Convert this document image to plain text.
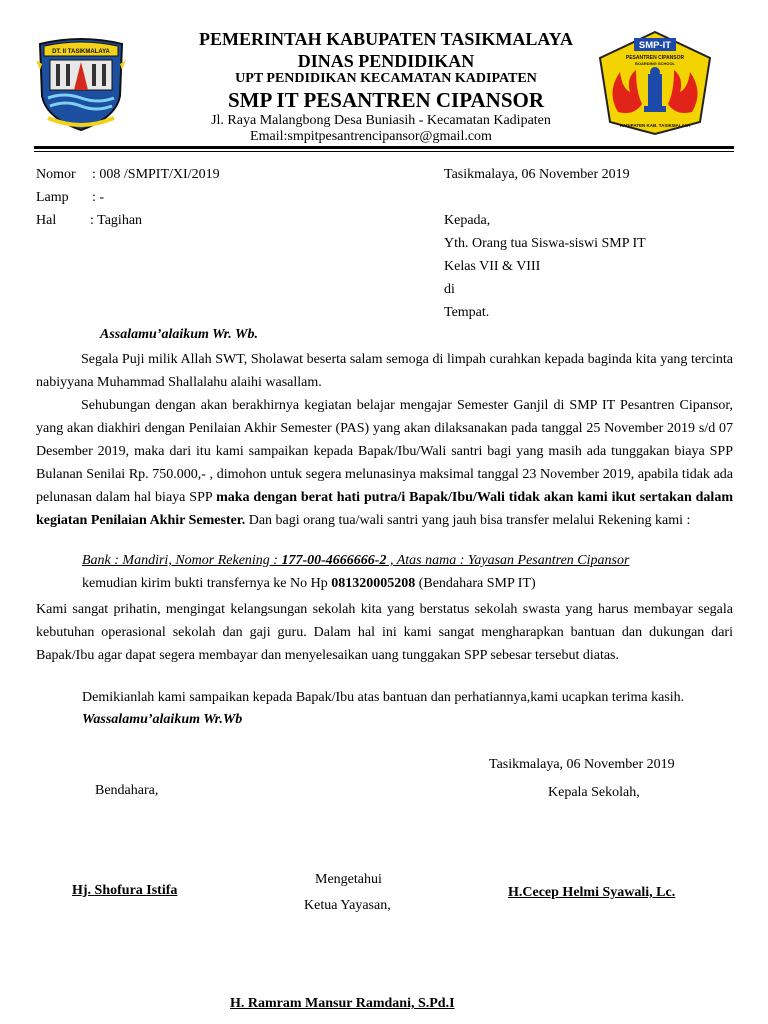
DT. II TASIKMALAYA
SMP-IT
PESANTREN CIPANSOR
BOARDING SCHOOL
KADIPATEN KAB. TASIKMALAYA
PEMERINTAH KABUPATEN TASIKMALAYA
DINAS PENDIDIKAN
UPT PENDIDIKAN KECAMATAN KADIPATEN
SMP IT PESANTREN CIPANSOR
Jl. Raya Malangbong Desa Buniasih - Kecamatan Kadipaten
Email:smpitpesantrencipansor@gmail.com
Nomor : 008 /SMPIT/XI/2019
Lamp : -
Hal : Tagihan
Tasikmalaya, 06 November 2019
Kepada,
Yth. Orang tua Siswa-siswi SMP IT
Kelas VII & VIII
di
Tempat.
Assalamu’alaikum Wr. Wb.
Segala Puji milik Allah SWT, Sholawat beserta salam semoga di limpah curahkan kepada baginda kita yang tercinta nabiyyana Muhammad Shallalahu alaihi wasallam.
Sehubungan dengan akan berakhirnya kegiatan belajar mengajar Semester Ganjil di SMP IT Pesantren Cipansor, yang akan diakhiri dengan Penilaian Akhir Semester (PAS) yang akan dilaksanakan pada tanggal 25 November 2019 s/d 07 Desember 2019, maka dari itu kami sampaikan kepada Bapak/Ibu/Wali santri bagi yang masih ada tunggakan biaya SPP Bulanan Senilai Rp. 750.000,- , dimohon untuk segera melunasinya maksimal tanggal 23 November 2019, apabila tidak ada pelunasan dalam hal biaya SPP maka dengan berat hati putra/i Bapak/Ibu/Wali tidak akan kami ikut sertakan dalam kegiatan Penilaian Akhir Semester. Dan bagi orang tua/wali santri yang jauh bisa transfer melalui Rekening kami :
Bank : Mandiri, Nomor Rekening : 177-00-4666666-2 , Atas nama : Yayasan Pesantren Cipansor
kemudian kirim bukti transfernya ke No Hp 081320005208 (Bendahara SMP IT)
Kami sangat prihatin, mengingat kelangsungan sekolah kita yang berstatus sekolah swasta yang harus membayar segala kebutuhan operasional sekolah dan gaji guru. Dalam hal ini kami sangat mengharapkan bantuan dan dukungan dari Bapak/Ibu agar dapat segera membayar dan menyelesaikan uang tunggakan SPP sebesar tersebut diatas.
Demikianlah kami sampaikan kepada Bapak/Ibu atas bantuan dan perhatiannya,kami ucapkan terima kasih.
Wassalamu’alaikum Wr.Wb
Tasikmalaya, 06 November 2019
Bendahara,	Kepala Sekolah,
Mengetahui
Hj. Shofura Istifa	H.Cecep Helmi Syawali, Lc.
Ketua Yayasan,
H. Ramram Mansur Ramdani, S.Pd.I
